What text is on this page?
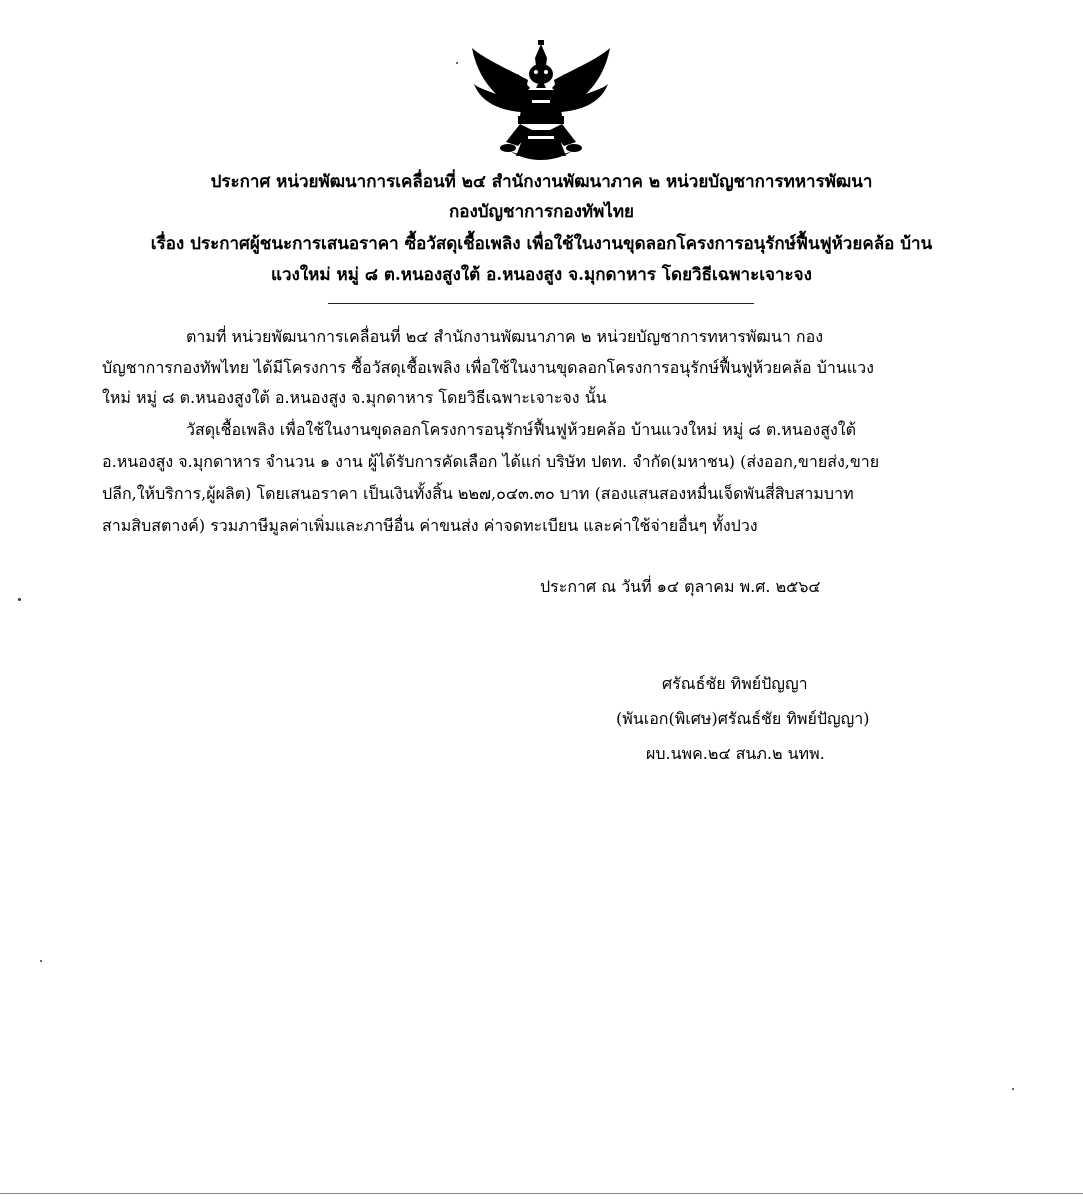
ประกาศ หน่วยพัฒนาการเคลื่อนที่ ๒๔ สำนักงานพัฒนาภาค ๒ หน่วยบัญชาการทหารพัฒนา
กองบัญชาการกองทัพไทย
เรื่อง ประกาศผู้ชนะการเสนอราคา ซื้อวัสดุเชื้อเพลิง เพื่อใช้ในงานขุดลอกโครงการอนุรักษ์ฟื้นฟูห้วยคล้อ บ้าน
แวงใหม่ หมู่ ๘ ต.หนองสูงใต้ อ.หนองสูง จ.มุกดาหาร โดยวิธีเฉพาะเจาะจง
ตามที่ หน่วยพัฒนาการเคลื่อนที่ ๒๔ สำนักงานพัฒนาภาค ๒ หน่วยบัญชาการทหารพัฒนา กอง
บัญชาการกองทัพไทย ได้มีโครงการ ซื้อวัสดุเชื้อเพลิง เพื่อใช้ในงานขุดลอกโครงการอนุรักษ์ฟื้นฟูห้วยคล้อ บ้านแวง
ใหม่ หมู่ ๘ ต.หนองสูงใต้ อ.หนองสูง จ.มุกดาหาร โดยวิธีเฉพาะเจาะจง นั้น
วัสดุเชื้อเพลิง เพื่อใช้ในงานขุดลอกโครงการอนุรักษ์ฟื้นฟูห้วยคล้อ บ้านแวงใหม่ หมู่ ๘ ต.หนองสูงใต้
อ.หนองสูง จ.มุกดาหาร จำนวน ๑ งาน ผู้ได้รับการคัดเลือก ได้แก่ บริษัท ปตท. จำกัด(มหาชน) (ส่งออก,ขายส่ง,ขาย
ปลีก,ให้บริการ,ผู้ผลิต) โดยเสนอราคา เป็นเงินทั้งสิ้น ๒๒๗,๐๔๓.๓๐ บาท (สองแสนสองหมื่นเจ็ดพันสี่สิบสามบาท
สามสิบสตางค์) รวมภาษีมูลค่าเพิ่มและภาษีอื่น ค่าขนส่ง ค่าจดทะเบียน และค่าใช้จ่ายอื่นๆ ทั้งปวง
ประกาศ ณ วันที่ ๑๔ ตุลาคม พ.ศ. ๒๕๖๔
ศรัณธ์ชัย ทิพย์ปัญญา
(พันเอก(พิเศษ)ศรัณธ์ชัย ทิพย์ปัญญา)
ผบ.นพค.๒๔ สนภ.๒ นทพ.
